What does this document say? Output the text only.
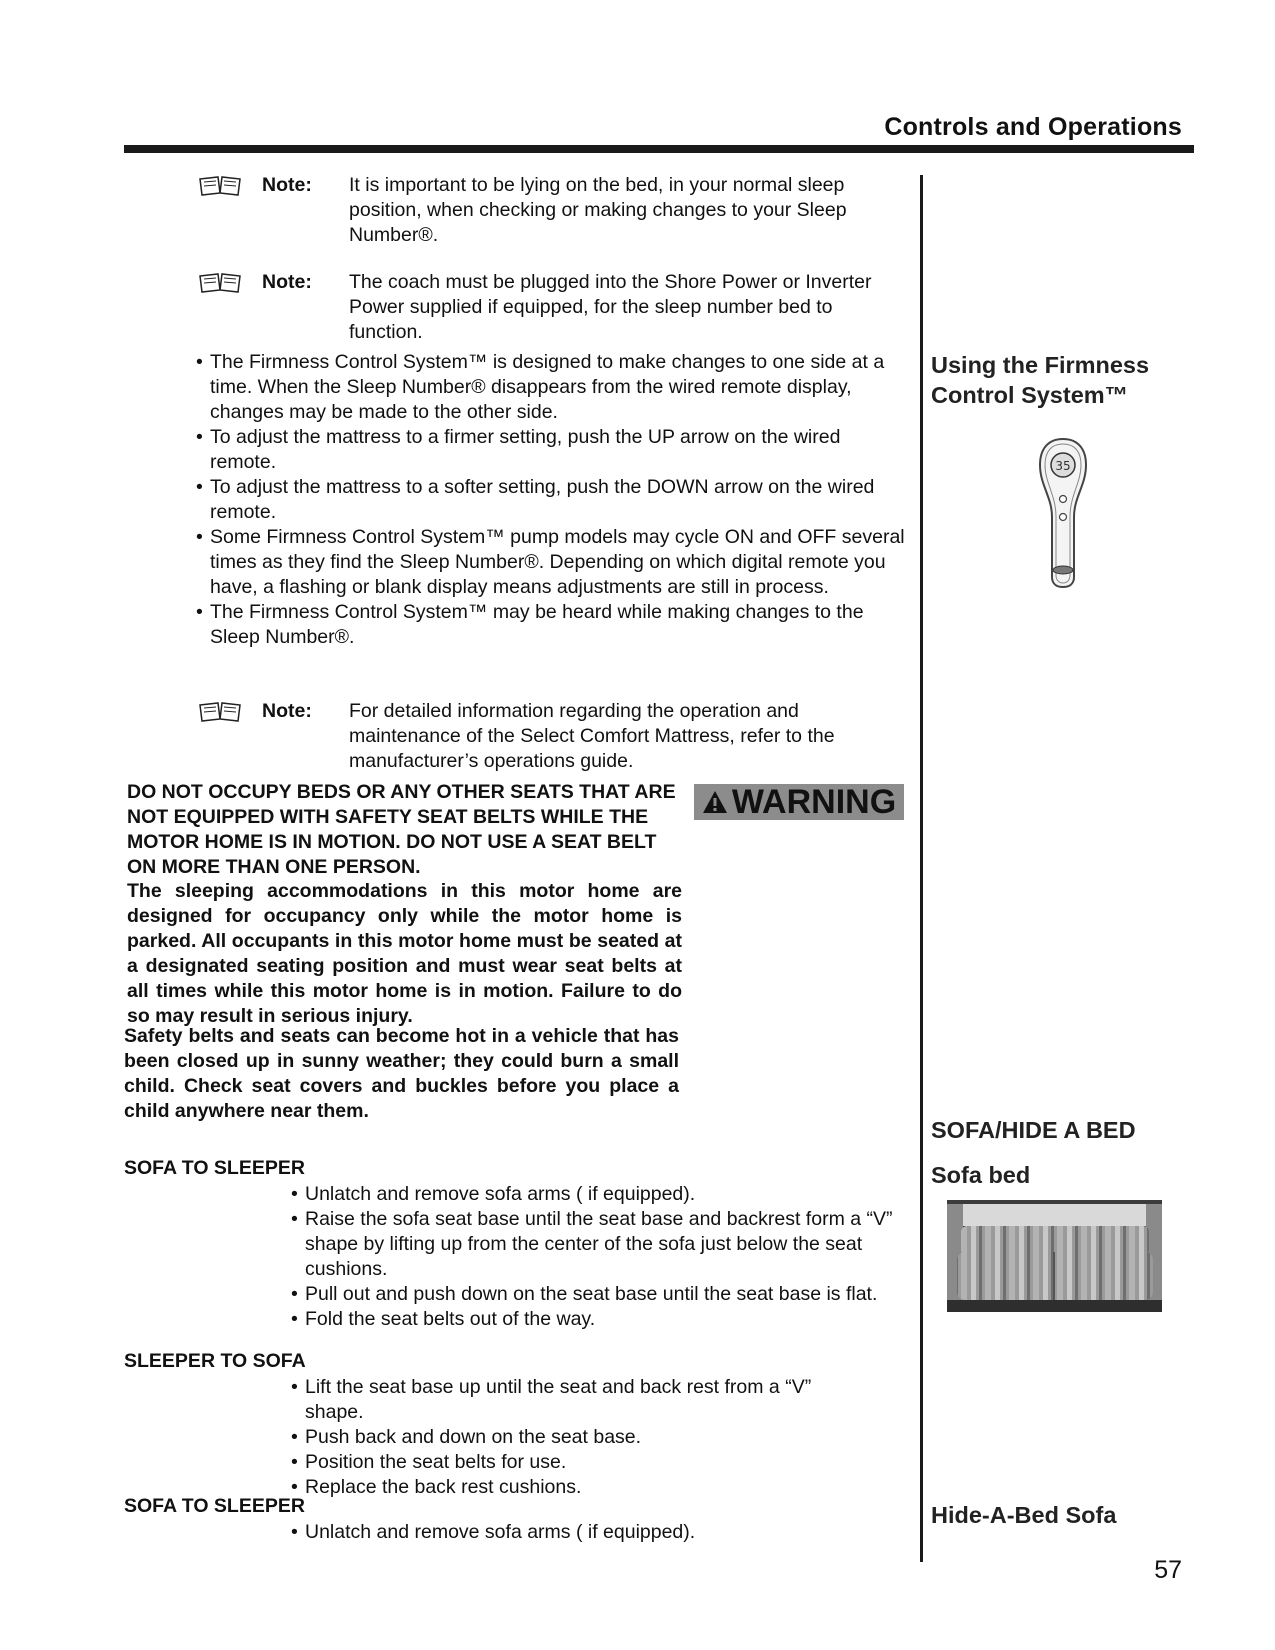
Controls and Operations
Note: It is important to be lying on the bed, in your normal sleep position, when checking or making changes to your Sleep Number®.
Note: The coach must be plugged into the Shore Power or Inverter Power supplied if equipped, for the sleep number bed to function.
• The Firmness Control System™ is designed to make changes to one side at a time. When the Sleep Number® disappears from the wired remote display, changes may be made to the other side.
• To adjust the mattress to a firmer setting, push the UP arrow on the wired remote.
• To adjust the mattress to a softer setting, push the DOWN arrow on the wired remote.
• Some Firmness Control System™ pump models may cycle ON and OFF several times as they find the Sleep Number®. Depending on which digital remote you have, a flashing or blank display means adjustments are still in process.
• The Firmness Control System™ may be heard while making changes to the Sleep Number®.
Note: For detailed information regarding the operation and maintenance of the Select Comfort Mattress, refer to the manufacturer’s operations guide.
Using the Firmness Control System™
35
SOFA/HIDE A BED
Sofa bed
Hide-A-Bed Sofa
WARNING
DO NOT OCCUPY BEDS OR ANY OTHER SEATS THAT ARE NOT EQUIPPED WITH SAFETY SEAT BELTS WHILE THE MOTOR HOME IS IN MOTION. DO NOT USE A SEAT BELT ON MORE THAN ONE PERSON.
The sleeping accommodations in this motor home are designed for occupancy only while the motor home is parked. All occupants in this motor home must be seated at a designated seating position and must wear seat belts at all times while this motor home is in motion. Failure to do so may result in serious injury.
Safety belts and seats can become hot in a vehicle that has been closed up in sunny weather; they could burn a small child. Check seat covers and buckles before you place a child anywhere near them.
SOFA TO SLEEPER
• Unlatch and remove sofa arms ( if equipped).
• Raise the sofa seat base until the seat base and backrest form a “V” shape by lifting up from the center of the sofa just below the seat cushions.
• Pull out and push down on the seat base until the seat base is flat.
• Fold the seat belts out of the way.
SLEEPER TO SOFA
• Lift the seat base up until the seat and back rest from a “V” shape.
• Push back and down on the seat base.
• Position the seat belts for use.
• Replace the back rest cushions.
SOFA TO SLEEPER
• Unlatch and remove sofa arms ( if equipped).
57
